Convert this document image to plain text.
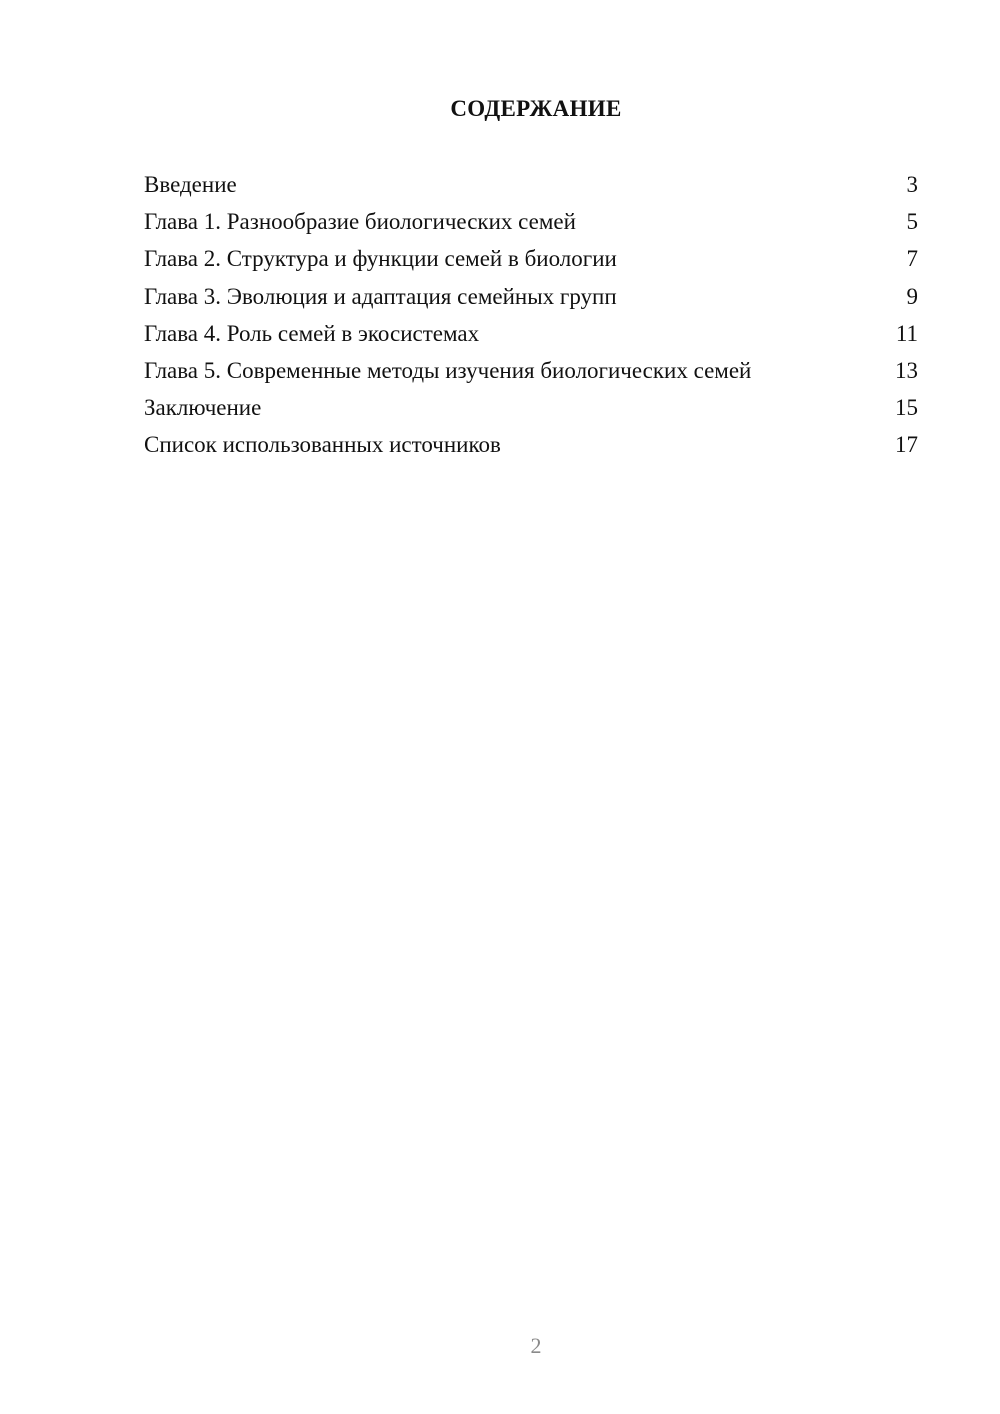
СОДЕРЖАНИЕ
Введение	3
Глава 1. Разнообразие биологических семей	5
Глава 2. Структура и функции семей в биологии	7
Глава 3. Эволюция и адаптация семейных групп	9
Глава 4. Роль семей в экосистемах	11
Глава 5. Современные методы изучения биологических семей	13
Заключение	15
Список использованных источников	17
2
